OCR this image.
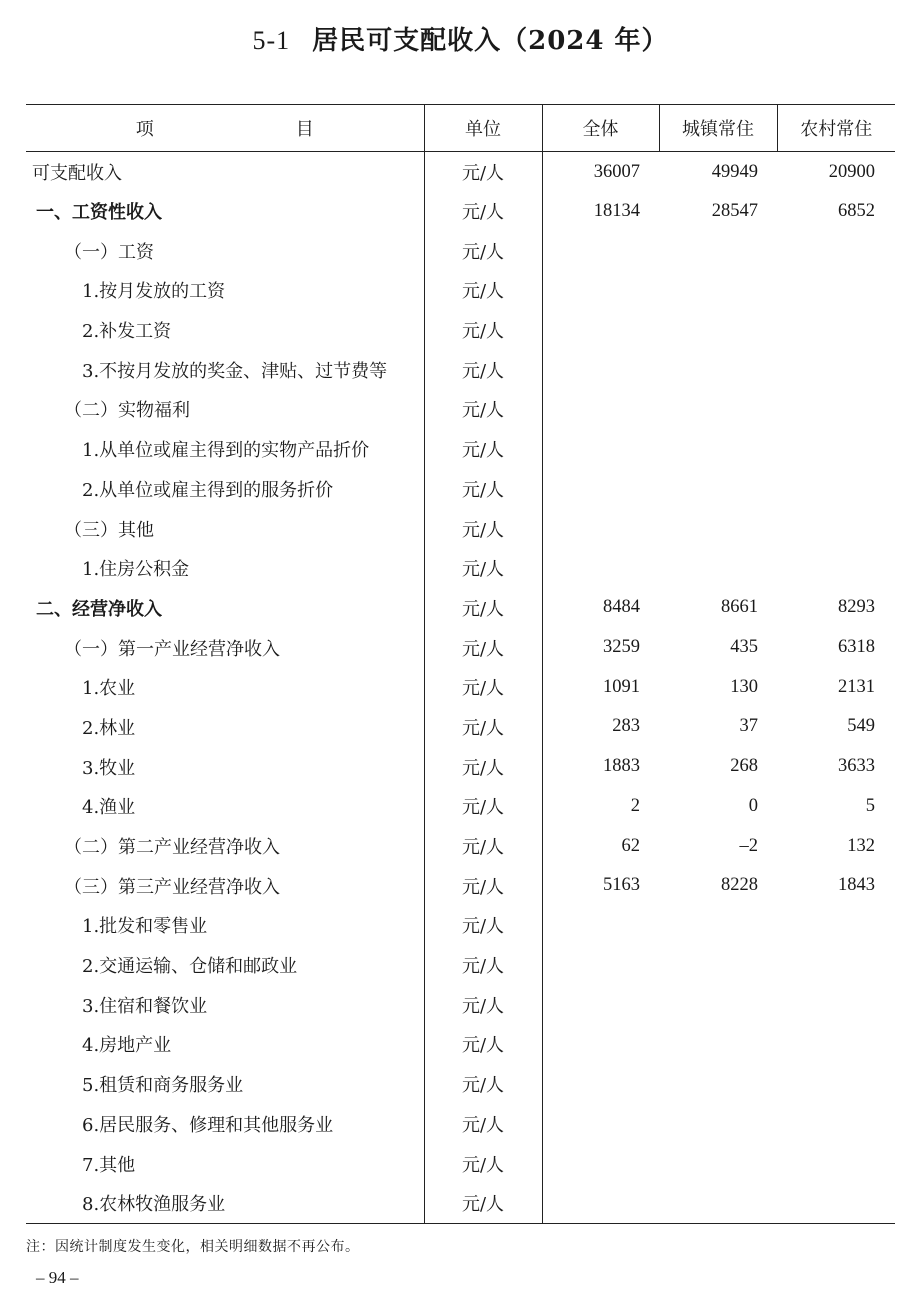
5-1 居民可支配收入（2024 年）
项 目	单位	全体	城镇常住	农村常住
可支配收入	元/人	36007	49949	20900
一、工资性收入	元/人	18134	28547	6852
（一）工资	元/人			
1.按月发放的工资	元/人			
2.补发工资	元/人			
3.不按月发放的奖金、津贴、过节费等	元/人			
（二）实物福利	元/人			
1.从单位或雇主得到的实物产品折价	元/人			
2.从单位或雇主得到的服务折价	元/人			
（三）其他	元/人			
1.住房公积金	元/人			
二、经营净收入	元/人	8484	8661	8293
（一）第一产业经营净收入	元/人	3259	435	6318
1.农业	元/人	1091	130	2131
2.林业	元/人	283	37	549
3.牧业	元/人	1883	268	3633
4.渔业	元/人	2	0	5
（二）第二产业经营净收入	元/人	62	–2	132
（三）第三产业经营净收入	元/人	5163	8228	1843
1.批发和零售业	元/人			
2.交通运输、仓储和邮政业	元/人			
3.住宿和餐饮业	元/人			
4.房地产业	元/人			
5.租赁和商务服务业	元/人			
6.居民服务、修理和其他服务业	元/人			
7.其他	元/人			
8.农林牧渔服务业	元/人			
注：因统计制度发生变化，相关明细数据不再公布。
– 94 –
